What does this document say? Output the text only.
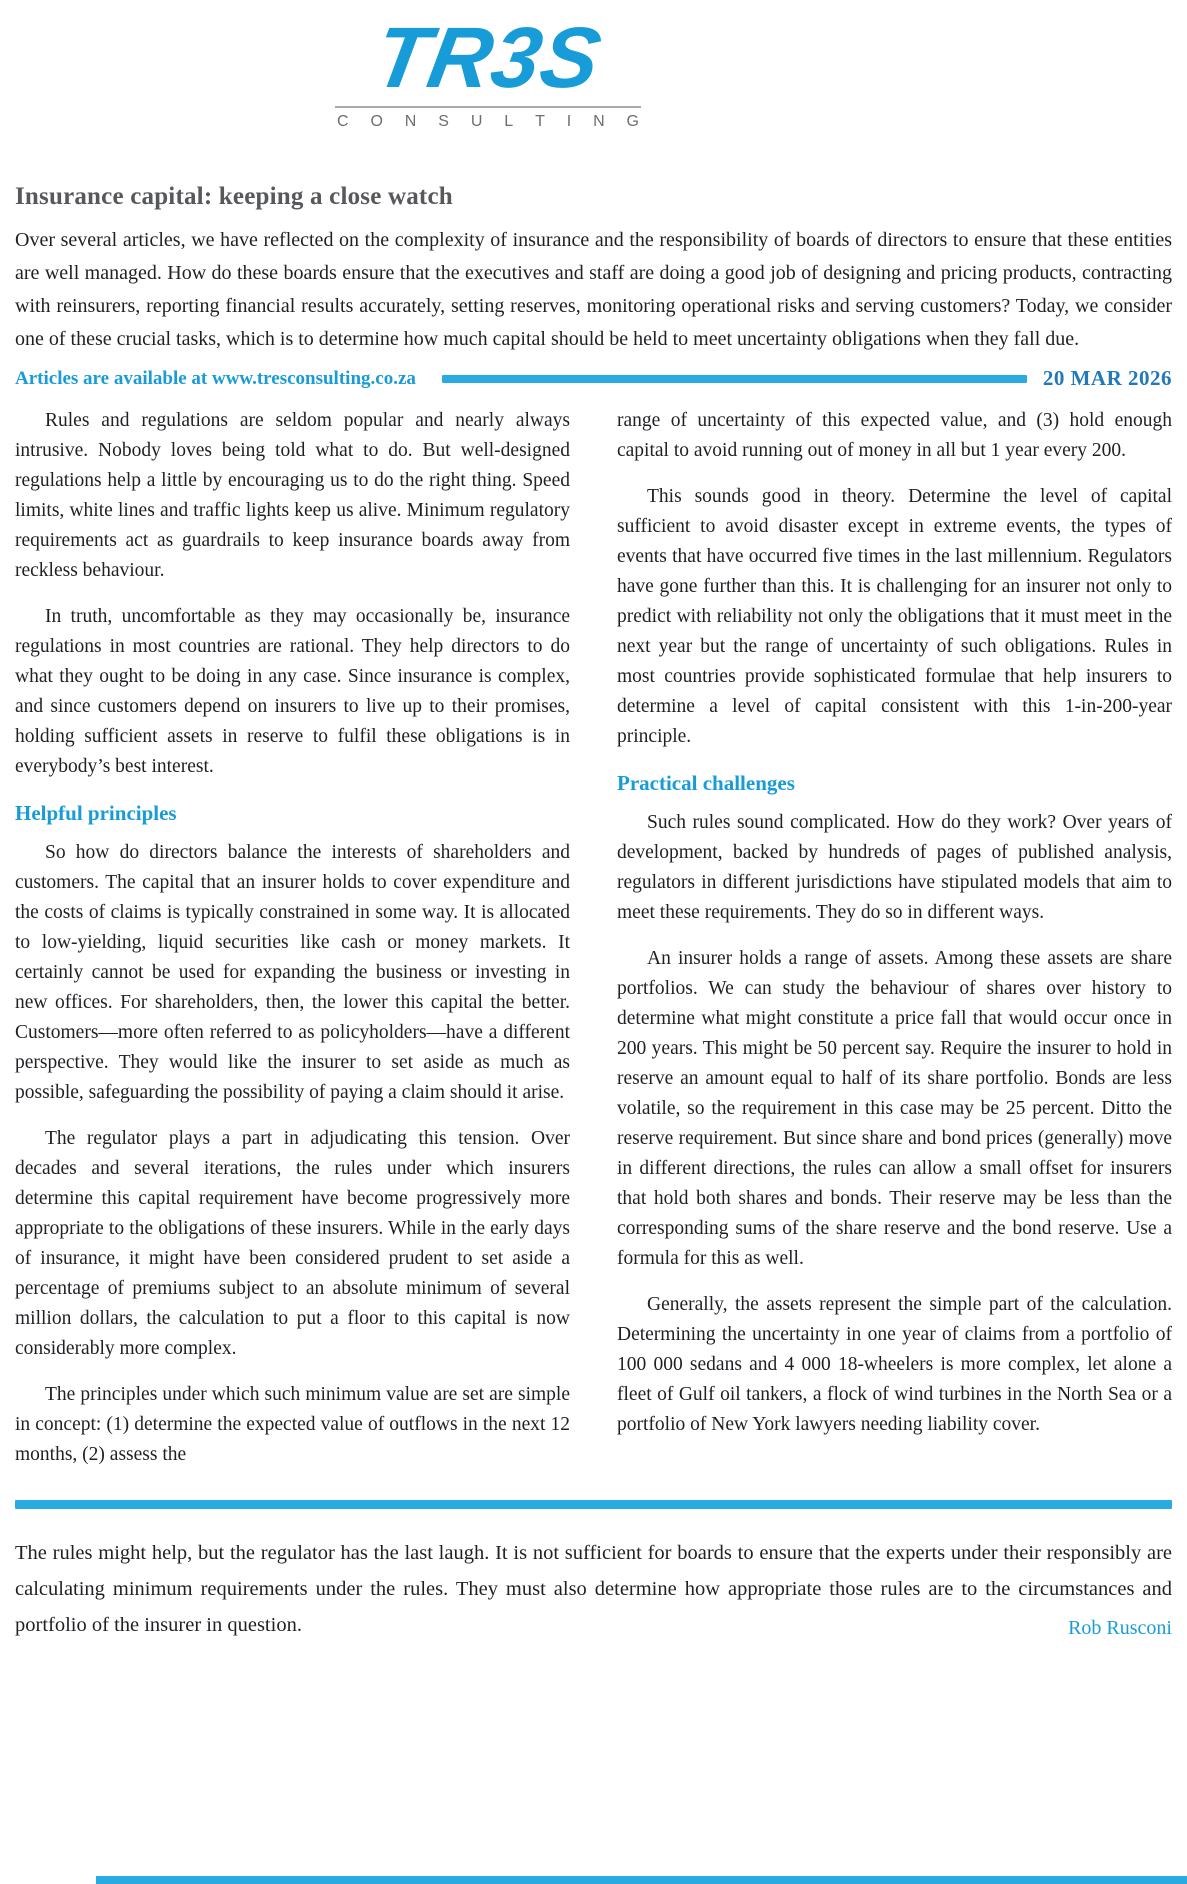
TR3S
C O N S U L T I N G
Insurance capital: keeping a close watch

Over several articles, we have reflected on the complexity of insurance and the responsibility of boards of directors to ensure that these entities are well managed. How do these boards ensure that the executives and staff are doing a good job of designing and pricing products, contracting with reinsurers, reporting financial results accurately, setting reserves, monitoring operational risks and serving customers? Today, we consider one of these crucial tasks, which is to determine how much capital should be held to meet uncertainty obligations when they fall due.

Articles are available at www.tresconsulting.co.za	20 MAR 2026

Rules and regulations are seldom popular and nearly always intrusive. Nobody loves being told what to do. But well-designed regulations help a little by encouraging us to do the right thing. Speed limits, white lines and traffic lights keep us alive. Minimum regulatory requirements act as guardrails to keep insurance boards away from reckless behaviour.

In truth, uncomfortable as they may occasionally be, insurance regulations in most countries are rational. They help directors to do what they ought to be doing in any case. Since insurance is complex, and since customers depend on insurers to live up to their promises, holding sufficient assets in reserve to fulfil these obligations is in everybody’s best interest.

Helpful principles

So how do directors balance the interests of shareholders and customers. The capital that an insurer holds to cover expenditure and the costs of claims is typically constrained in some way. It is allocated to low-yielding, liquid securities like cash or money markets. It certainly cannot be used for expanding the business or investing in new offices. For shareholders, then, the lower this capital the better. Customers—more often referred to as policyholders—have a different perspective. They would like the insurer to set aside as much as possible, safeguarding the possibility of paying a claim should it arise.

The regulator plays a part in adjudicating this tension. Over decades and several iterations, the rules under which insurers determine this capital requirement have become progressively more appropriate to the obligations of these insurers. While in the early days of insurance, it might have been considered prudent to set aside a percentage of premiums subject to an absolute minimum of several million dollars, the calculation to put a floor to this capital is now considerably more complex.

The principles under which such minimum value are set are simple in concept: (1) determine the expected value of outflows in the next 12 months, (2) assess the

range of uncertainty of this expected value, and (3) hold enough capital to avoid running out of money in all but 1 year every 200.

This sounds good in theory. Determine the level of capital sufficient to avoid disaster except in extreme events, the types of events that have occurred five times in the last millennium. Regulators have gone further than this. It is challenging for an insurer not only to predict with reliability not only the obligations that it must meet in the next year but the range of uncertainty of such obligations. Rules in most countries provide sophisticated formulae that help insurers to determine a level of capital consistent with this 1-in-200-year principle.

Practical challenges

Such rules sound complicated. How do they work? Over years of development, backed by hundreds of pages of published analysis, regulators in different jurisdictions have stipulated models that aim to meet these requirements. They do so in different ways.

An insurer holds a range of assets. Among these assets are share portfolios. We can study the behaviour of shares over history to determine what might constitute a price fall that would occur once in 200 years. This might be 50 percent say. Require the insurer to hold in reserve an amount equal to half of its share portfolio. Bonds are less volatile, so the requirement in this case may be 25 percent. Ditto the reserve requirement. But since share and bond prices (generally) move in different directions, the rules can allow a small offset for insurers that hold both shares and bonds. Their reserve may be less than the corresponding sums of the share reserve and the bond reserve. Use a formula for this as well.

Generally, the assets represent the simple part of the calculation. Determining the uncertainty in one year of claims from a portfolio of 100 000 sedans and 4 000 18-wheelers is more complex, let alone a fleet of Gulf oil tankers, a flock of wind turbines in the North Sea or a portfolio of New York lawyers needing liability cover.

The rules might help, but the regulator has the last laugh. It is not sufficient for boards to ensure that the experts under their responsibly are calculating minimum requirements under the rules. They must also determine how appropriate those rules are to the circumstances and portfolio of the insurer in question.	Rob Rusconi
